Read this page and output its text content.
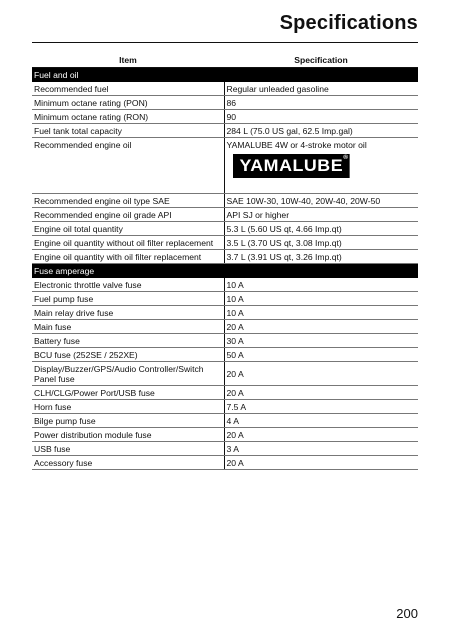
Specifications
Item	Specification
Fuel and oil	
Recommended fuel	Regular unleaded gasoline
Minimum octane rating (PON)	86
Minimum octane rating (RON)	90
Fuel tank total capacity	284 L (75.0 US gal, 62.5 Imp.gal)
Recommended engine oil	YAMALUBE 4W or 4-stroke motor oil
YAMALUBE ®

Recommended engine oil type SAE	SAE 10W-30, 10W-40, 20W-40, 20W-50
Recommended engine oil grade API	API SJ or higher
Engine oil total quantity	5.3 L (5.60 US qt, 4.66 Imp.qt)
Engine oil quantity without oil filter replacement	3.5 L (3.70 US qt, 3.08 Imp.qt)
Engine oil quantity with oil filter replacement	3.7 L (3.91 US qt, 3.26 Imp.qt)
Fuse amperage	
Electronic throttle valve fuse	10 A
Fuel pump fuse	10 A
Main relay drive fuse	10 A
Main fuse	20 A
Battery fuse	30 A
BCU fuse (252SE / 252XE)	50 A
Display/Buzzer/GPS/Audio Controller/Switch Panel fuse	20 A
CLH/CLG/Power Port/USB fuse	20 A
Horn fuse	7.5 A
Bilge pump fuse	4 A
Power distribution module fuse	20 A
USB fuse	3 A
Accessory fuse	20 A
200
